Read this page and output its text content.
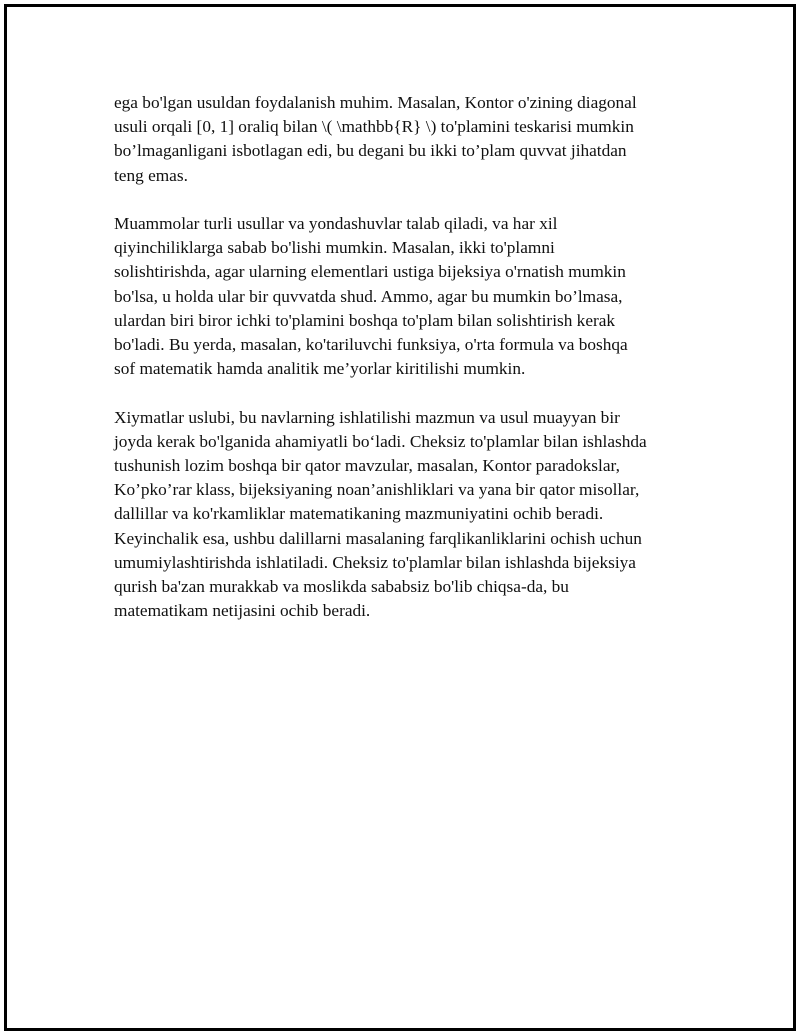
ega bo'lgan usuldan foydalanish muhim. Masalan, Kontor o'zining diagonal
usuli orqali [0, 1] oraliq bilan \( \mathbb{R} \) to'plamini teskarisi mumkin
bo’lmaganligani isbotlagan edi, bu degani bu ikki to’plam quvvat jihatdan
teng emas.

Muammolar turli usullar va yondashuvlar talab qiladi, va har xil
qiyinchiliklarga sabab bo'lishi mumkin. Masalan, ikki to'plamni
solishtirishda, agar ularning elementlari ustiga bijeksiya o'rnatish mumkin
bo'lsa, u holda ular bir quvvatda shud. Ammo, agar bu mumkin bo’lmasa,
ulardan biri biror ichki to'plamini boshqa to'plam bilan solishtirish kerak
bo'ladi. Bu yerda, masalan, ko'tariluvchi funksiya, o'rta formula va boshqa
sof matematik hamda analitik me’yorlar kiritilishi mumkin.

Xiymatlar uslubi, bu navlarning ishlatilishi mazmun va usul muayyan bir
joyda kerak bo'lganida ahamiyatli bo‘ladi. Cheksiz to'plamlar bilan ishlashda
tushunish lozim boshqa bir qator mavzular, masalan, Kontor paradokslar,
Ko’pko’rar klass, bijeksiyaning noan’anishliklari va yana bir qator misollar,
dallillar va ko'rkamliklar matematikaning mazmuniyatini ochib beradi.
Keyinchalik esa, ushbu dalillarni masalaning farqlikanliklarini ochish uchun
umumiylashtirishda ishlatiladi. Cheksiz to'plamlar bilan ishlashda bijeksiya
qurish ba'zan murakkab va moslikda sababsiz bo'lib chiqsa-da, bu
matematikam netijasini ochib beradi.
